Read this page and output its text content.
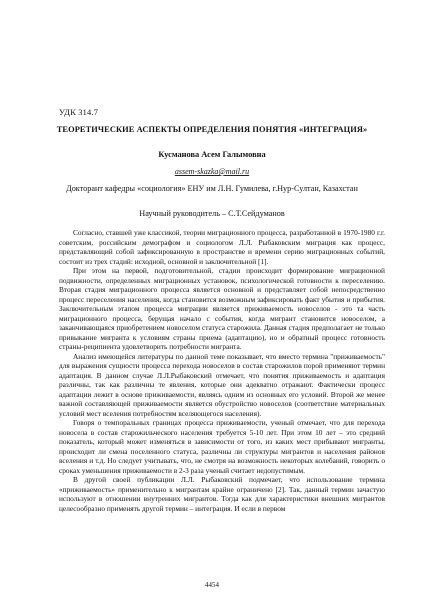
УДК 314.7
ТЕОРЕТИЧЕСКИЕ АСПЕКТЫ ОПРЕДЕЛЕНИЯ ПОНЯТИЯ «ИНТЕГРАЦИЯ»
Кусманова Асем Галымовна
assem-skazka@mail.ru
Докторант кафедры «социология» ЕНУ им Л.Н. Гумилева, г.Нур-Султан, Казахстан
Научный руководитель – С.Т.Сейдуманов

Согласно, ставшей уже классикой, теории миграционного процесса, разработанной в 1970-1980 г.г. советским, российским демографом и социологом Л.Л. Рыбаковским миграция как процесс, представляющий собой зафиксированную в пространстве и времени серию миграционных событий, состоит из трех стадий: исходной, основной и заключительной [1].

При этом на первой, подготовительной, стадии происходит формирование миграционной подвижности, определенных миграционных установок, психологической готовности к переселению. Вторая стадия миграционного процесса является основной и представляет собой непосредственно процесс переселения населения, когда становится возможным зафиксировать факт убытия и прибытия. Заключительным этапом процесса миграции является приживаемость новоселов - это та часть миграционного процесса, берущая начало с события, когда мигрант становится новоселом, а заканчивающаяся приобретением новоселом статуса старожила. Данная стадия предполагает не только привыкание мигранта к условиям страны приема (адаптацию), но и обратный процесс готовность страны-реципиента удовлетворить потребности мигранта.

Анализ имеющейся литературы по данной теме показывает, что вместо термина "приживаемость" для выражения сущности процесса перехода новоселов в состав старожилов порой применяют термин адаптация. В данном случае Л.Л.Рыбаковский отмечает, что понятия приживаемость и адаптация различны, так как различны те явления, которые они адекватно отражают. Фактически процесс адаптации лежит в основе приживаемости, являясь одним из основных его условий. Второй же менее важной составляющей приживаемости является обустройство новоселов (соответствие материальных условий мест вселения потребностям вселяющегося населения).

Говоря о темпоральных границах процесса приживаемости, ученый отмечает, что для перехода новосела в состав старожильческого населения требуется 5-10 лет. При этом 10 лет – это средний показатель, который может изменяться в зависимости от того, из каких мест прибывают мигранты, происходит ли смена поселенного статуса, различны ли структуры мигрантов и населения районов вселения и т.д. Но следует учитывать, что, не смотря на возможность некоторых колебаний, говорить о сроках уменьшения приживаемости в 2-3 раза ученый считает недопустимым.

В другой своей публикации Л.Л. Рыбаковский подмечает, что использование термина «приживаемость» применительно к мигрантам крайне ограничено [2]. Так, данный термин зачастую используют в отношении внутренних мигрантов. Тогда как для характеристики внешних мигрантов целесообразно применять другой термин – интеграция. И если в первом

4454
